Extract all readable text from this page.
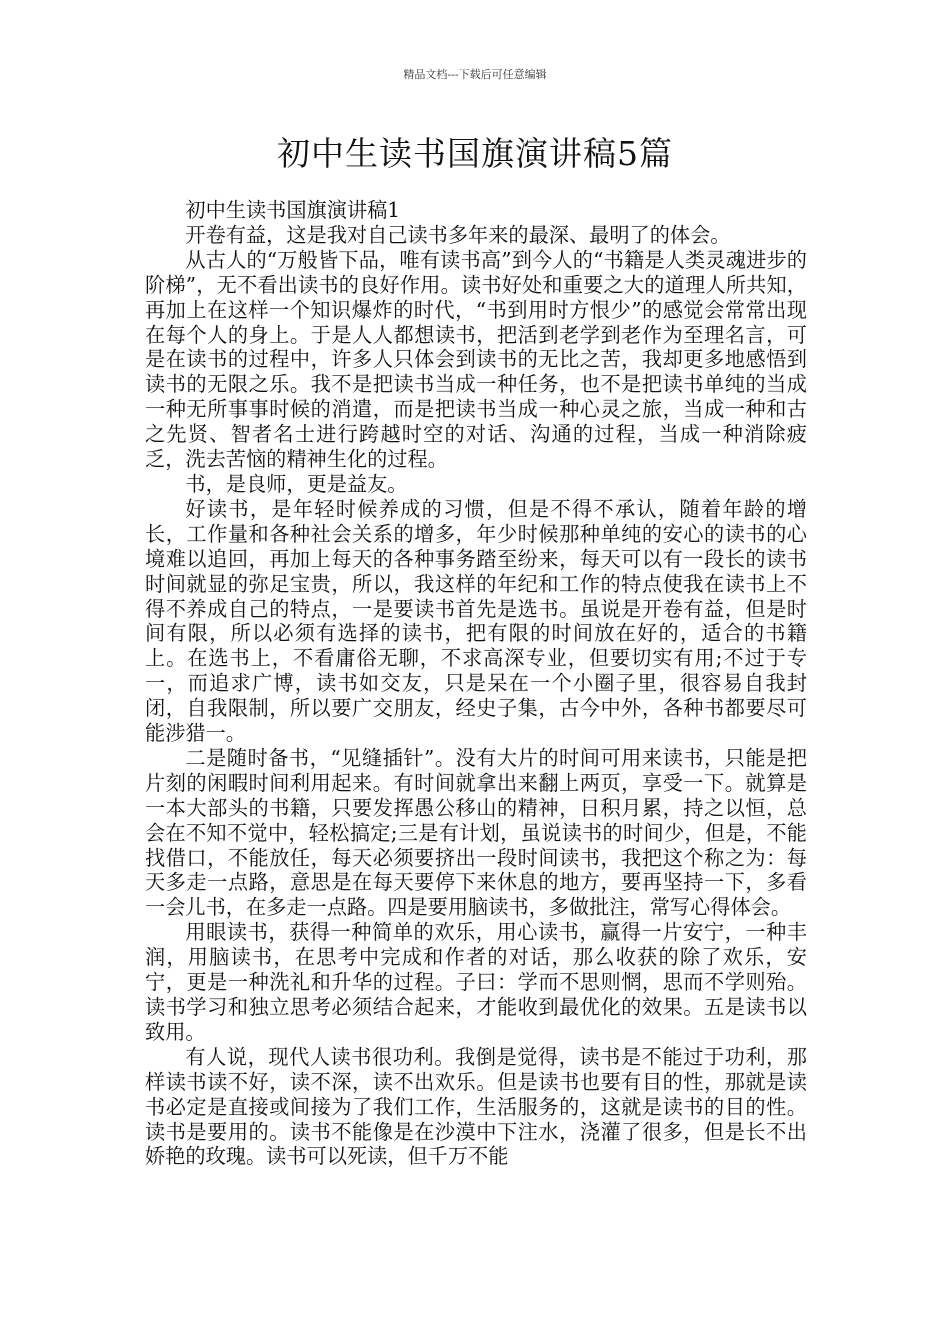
精品文档---下载后可任意编辑
初中生读书国旗演讲稿5篇

初中生读书国旗演讲稿1

开卷有益，这是我对自己读书多年来的最深、最明了的体会。

从古人的“万般皆下品，唯有读书高”到今人的“书籍是人类灵魂进步的阶梯”，无不看出读书的良好作用。读书好处和重要之大的道理人所共知，再加上在这样一个知识爆炸的时代，“书到用时方恨少”的感觉会常常出现在每个人的身上。于是人人都想读书，把活到老学到老作为至理名言，可是在读书的过程中，许多人只体会到读书的无比之苦，我却更多地感悟到读书的无限之乐。我不是把读书当成一种任务，也不是把读书单纯的当成一种无所事事时候的消遣，而是把读书当成一种心灵之旅，当成一种和古之先贤、智者名士进行跨越时空的对话、沟通的过程，当成一种消除疲乏，洗去苦恼的精神生化的过程。

书，是良师，更是益友。

好读书，是年轻时候养成的习惯，但是不得不承认，随着年龄的增长，工作量和各种社会关系的增多，年少时候那种单纯的安心的读书的心境难以追回，再加上每天的各种事务踏至纷来，每天可以有一段长的读书时间就显的弥足宝贵，所以，我这样的年纪和工作的特点使我在读书上不得不养成自己的特点，一是要读书首先是选书。虽说是开卷有益，但是时间有限，所以必须有选择的读书，把有限的时间放在好的，适合的书籍上。在选书上，不看庸俗无聊，不求高深专业，但要切实有用;不过于专一，而追求广博，读书如交友，只是呆在一个小圈子里，很容易自我封闭，自我限制，所以要广交朋友，经史子集，古今中外，各种书都要尽可能涉猎一。

二是随时备书，“见缝插针”。没有大片的时间可用来读书，只能是把片刻的闲暇时间利用起来。有时间就拿出来翻上两页，享受一下。就算是一本大部头的书籍，只要发挥愚公移山的精神，日积月累，持之以恒，总会在不知不觉中，轻松搞定;三是有计划，虽说读书的时间少，但是，不能找借口，不能放任，每天必须要挤出一段时间读书，我把这个称之为：每天多走一点路，意思是在每天要停下来休息的地方，要再坚持一下，多看一会儿书，在多走一点路。四是要用脑读书，多做批注，常写心得体会。

用眼读书，获得一种简单的欢乐，用心读书，赢得一片安宁，一种丰润，用脑读书，在思考中完成和作者的对话，那么收获的除了欢乐，安宁，更是一种洗礼和升华的过程。子曰：学而不思则惘，思而不学则殆。读书学习和独立思考必须结合起来，才能收到最优化的效果。五是读书以致用。

有人说，现代人读书很功利。我倒是觉得，读书是不能过于功利，那样读书读不好，读不深，读不出欢乐。但是读书也要有目的性，那就是读书必定是直接或间接为了我们工作，生活服务的，这就是读书的目的性。读书是要用的。读书不能像是在沙漠中下注水，浇灌了很多，但是长不出娇艳的玫瑰。读书可以死读，但千万不能
